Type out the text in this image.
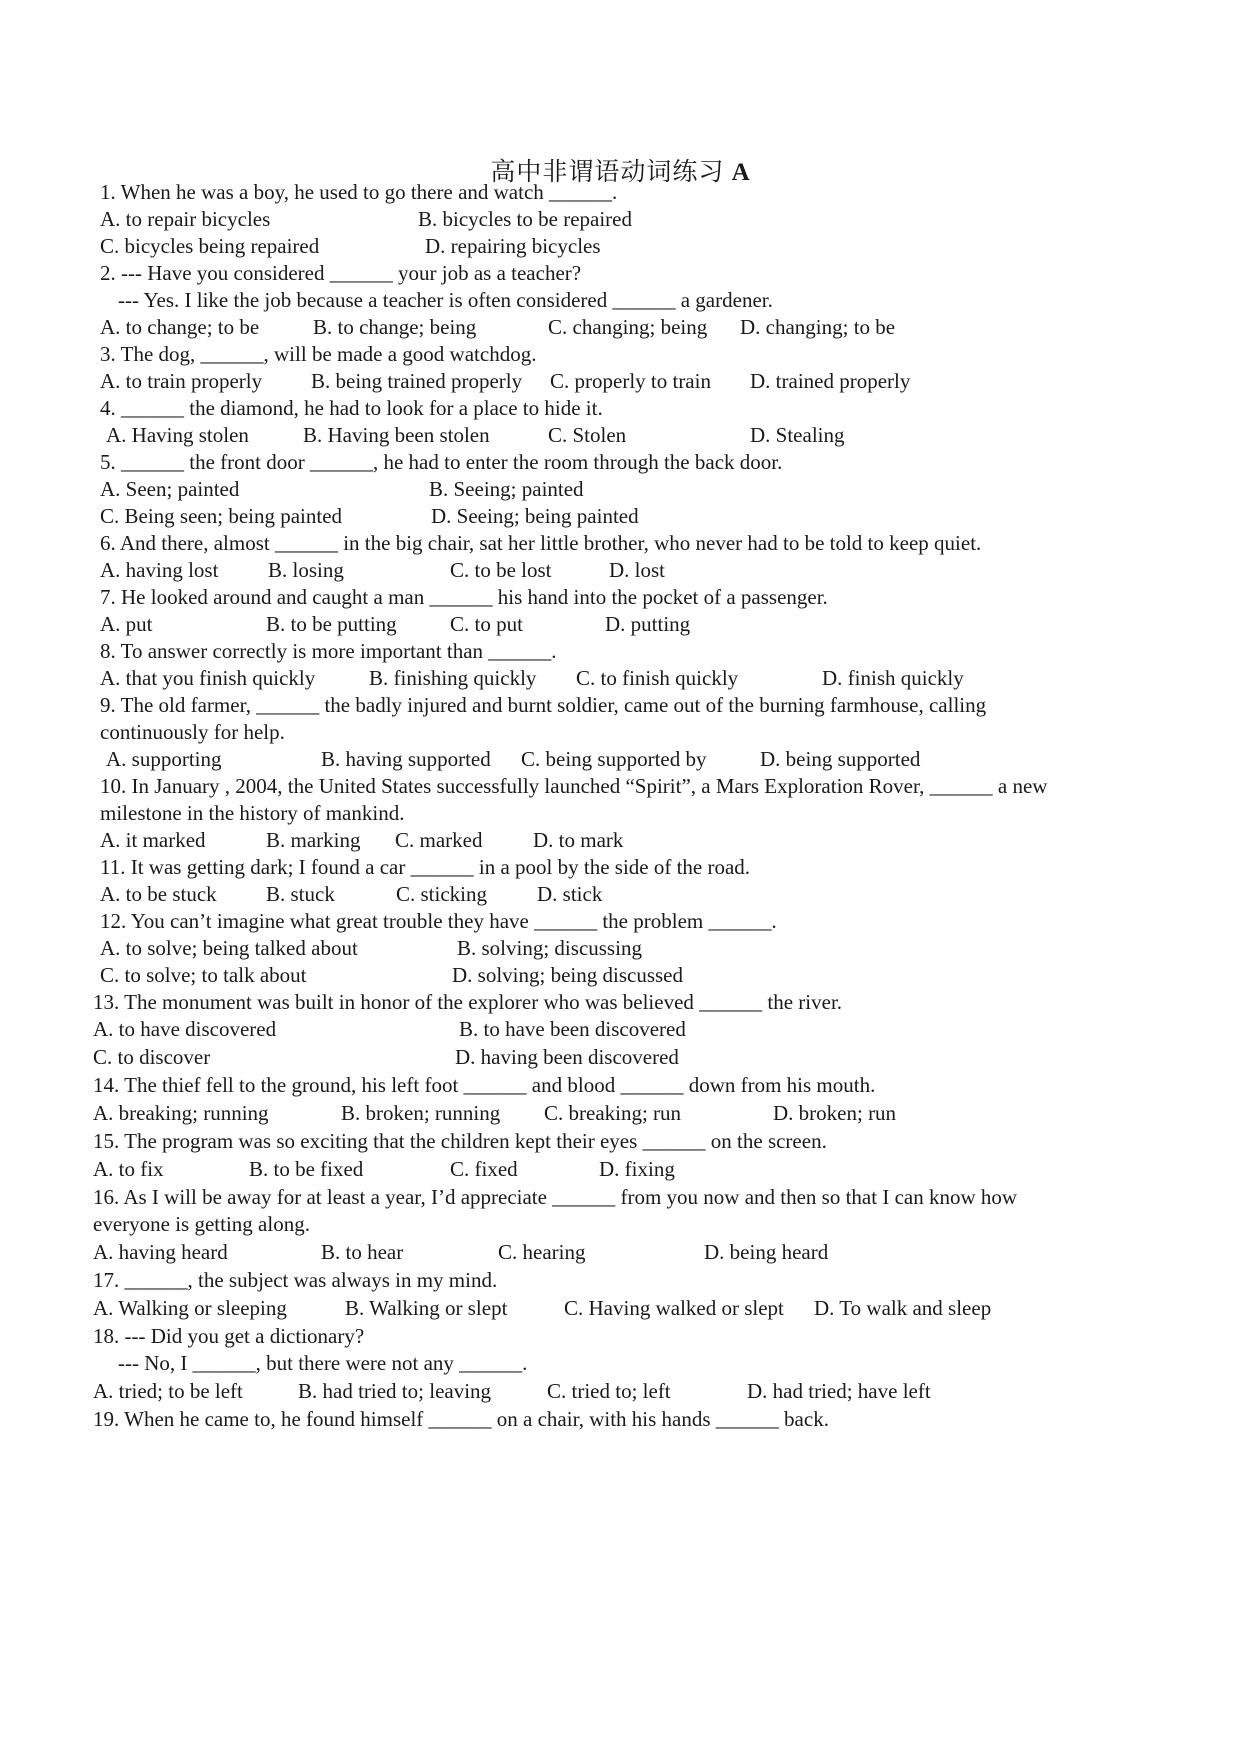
高中非谓语动词练习 A
1. When he was a boy, he used to go there and watch ______.
A. to repair bicycles	B. bicycles to be repaired
C. bicycles being repaired	D. repairing bicycles
2. --- Have you considered ______ your job as a teacher?
--- Yes. I like the job because a teacher is often considered ______ a gardener.
A. to change; to be	B. to change; being	C. changing; being D. changing; to be
3. The dog, ______, will be made a good watchdog.
A. to train properly B. being trained properly C. properly to train D. trained properly
4. ______ the diamond, he had to look for a place to hide it.
A. Having stolen	B. Having been stolen	C. Stolen	D. Stealing
5. ______ the front door ______, he had to enter the room through the back door.
A. Seen; painted	B. Seeing; painted
C. Being seen; being painted	D. Seeing; being painted
6. And there, almost ______ in the big chair, sat her little brother, who never had to be told to keep quiet.
A. having lost B. losing	C. to be lost	D. lost
7. He looked around and caught a man ______ his hand into the pocket of a passenger.
A. put	B. to be putting	C. to put	D. putting
8. To answer correctly is more important than ______.
A. that you finish quickly	B. finishing quickly C. to finish quickly	D. finish quickly
9. The old farmer, ______ the badly injured and burnt soldier, came out of the burning farmhouse, calling
continuously for help.
A. supporting	B. having supported C. being supported by	D. being supported
10. In January , 2004, the United States successfully launched “Spirit”, a Mars Exploration Rover, ______ a new
milestone in the history of mankind.
A. it marked	B. marking C. marked D. to mark
11. It was getting dark; I found a car ______ in a pool by the side of the road.
A. to be stuck B. stuck	C. sticking D. stick
12. You can’t imagine what great trouble they have ______ the problem ______.
A. to solve; being talked about	B. solving; discussing
C. to solve; to talk about	D. solving; being discussed
13. The monument was built in honor of the explorer who was believed ______ the river.
A. to have discovered	B. to have been discovered
C. to discover	D. having been discovered
14. The thief fell to the ground, his left foot ______ and blood ______ down from his mouth.
A. breaking; running	B. broken; running C. breaking; run	D. broken; run
15. The program was so exciting that the children kept their eyes ______ on the screen.
A. to fix	B. to be fixed	C. fixed	D. fixing
16. As I will be away for at least a year, I’d appreciate ______ from you now and then so that I can know how
everyone is getting along.
A. having heard	B. to hear	C. hearing	D. being heard
17. ______, the subject was always in my mind.
A. Walking or sleeping	B. Walking or slept	C. Having walked or slept D. To walk and sleep
18. --- Did you get a dictionary?
--- No, I ______, but there were not any ______.
A. tried; to be left	B. had tried to; leaving	C. tried to; left	D. had tried; have left
19. When he came to, he found himself ______ on a chair, with his hands ______ back.
